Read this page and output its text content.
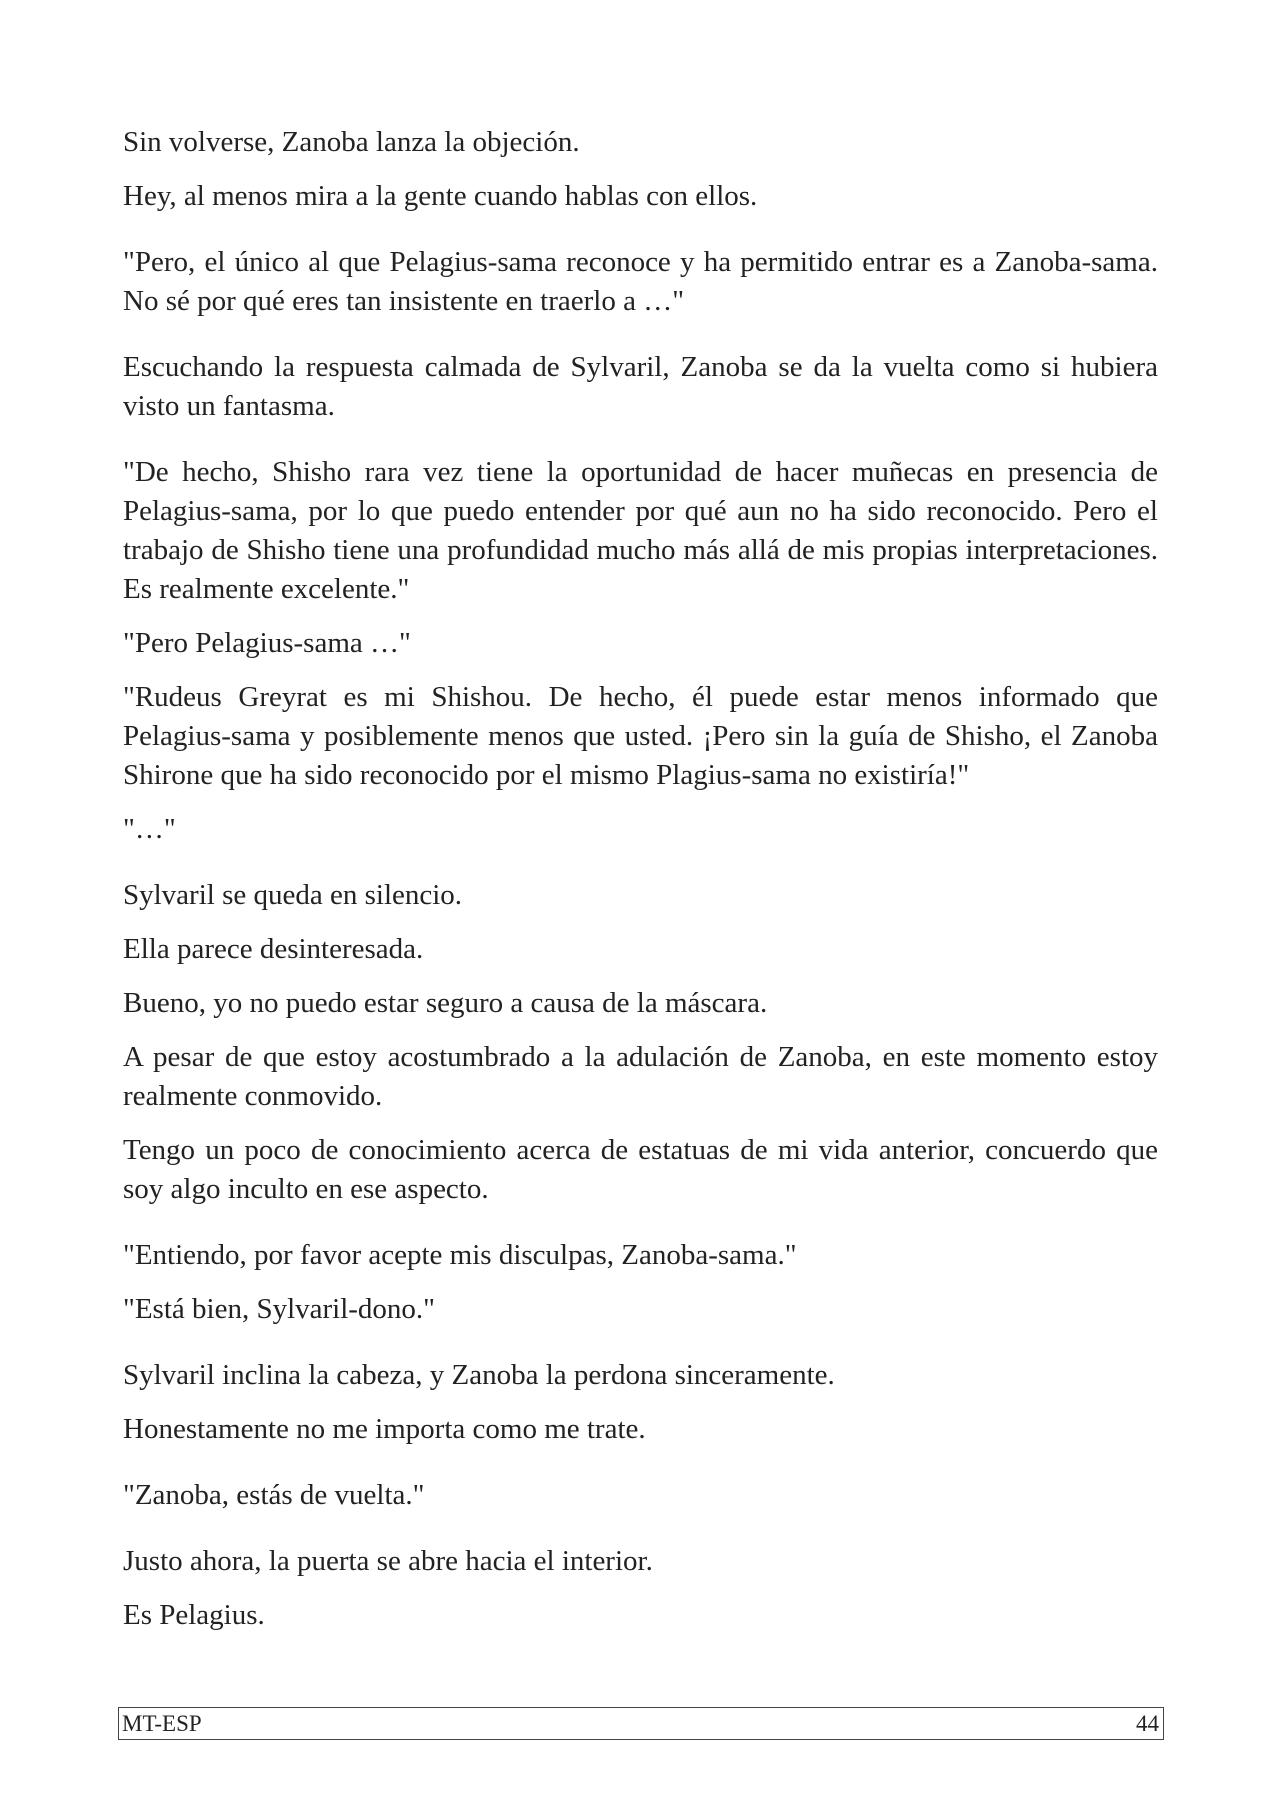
Sin volverse, Zanoba lanza la objeción.

Hey, al menos mira a la gente cuando hablas con ellos.

"Pero, el único al que Pelagius-sama reconoce y ha permitido entrar es a Zanoba-sama. No sé por qué eres tan insistente en traerlo a …"

Escuchando la respuesta calmada de Sylvaril, Zanoba se da la vuelta como si hubiera visto un fantasma.

"De hecho, Shisho rara vez tiene la oportunidad de hacer muñecas en presencia de Pelagius-sama, por lo que puedo entender por qué aun no ha sido reconocido. Pero el trabajo de Shisho tiene una profundidad mucho más allá de mis propias interpretaciones. Es realmente excelente."

"Pero Pelagius-sama …"

"Rudeus Greyrat es mi Shishou. De hecho, él puede estar menos informado que Pelagius-sama y posiblemente menos que usted. ¡Pero sin la guía de Shisho, el Zanoba Shirone que ha sido reconocido por el mismo Plagius-sama no existiría!"

"…"

Sylvaril se queda en silencio.

Ella parece desinteresada.

Bueno, yo no puedo estar seguro a causa de la máscara.

A pesar de que estoy acostumbrado a la adulación de Zanoba, en este momento estoy realmente conmovido.

Tengo un poco de conocimiento acerca de estatuas de mi vida anterior, concuerdo que soy algo inculto en ese aspecto.

"Entiendo, por favor acepte mis disculpas, Zanoba-sama."

"Está bien, Sylvaril-dono."

Sylvaril inclina la cabeza, y Zanoba la perdona sinceramente.

Honestamente no me importa como me trate.

"Zanoba, estás de vuelta."

Justo ahora, la puerta se abre hacia el interior.

Es Pelagius.

MT-ESP	44
